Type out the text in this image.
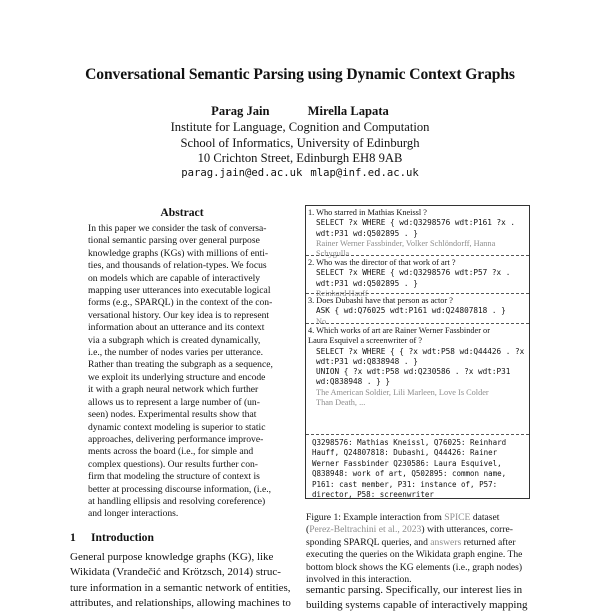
Conversational Semantic Parsing using Dynamic Context Graphs
Parag Jain	Mirella Lapata
Institute for Language, Cognition and Computation
School of Informatics, University of Edinburgh
10 Crichton Street, Edinburgh EH8 9AB
parag.jain@ed.ac.uk mlap@inf.ed.ac.uk
Abstract
In this paper we consider the task of conversa-
tional semantic parsing over general purpose
knowledge graphs (KGs) with millions of enti-
ties, and thousands of relation-types. We focus
on models which are capable of interactively
mapping user utterances into executable logical
forms (e.g., SPARQL) in the context of the con-
versational history. Our key idea is to represent
information about an utterance and its context
via a subgraph which is created dynamically,
i.e., the number of nodes varies per utterance.
Rather than treating the subgraph as a sequence,
we exploit its underlying structure and encode
it with a graph neural network which further
allows us to represent a large number of (un-
seen) nodes. Experimental results show that
dynamic context modeling is superior to static
approaches, delivering performance improve-
ments across the board (i.e., for simple and
complex questions). Our results further con-
firm that modeling the structure of context is
better at processing discourse information, (i.e.,
at handling ellipsis and resolving coreference)
and longer interactions.
1 Introduction
General purpose knowledge graphs (KG), like
Wikidata (Vrandečić and Krötzsch, 2014) struc-
ture information in a semantic network of entities,
attributes, and relationships, allowing machines to
1. Who starred in Mathias Kneissl ?
SELECT ?x WHERE { wd:Q3298576 wdt:P161 ?x .
wdt:P31 wd:Q502895 . }
Rainer Werner Fassbinder, Volker Schlöndorff, Hanna
Schygulla
2. Who was the director of that work of art ?
SELECT ?x WHERE { wd:Q3298576 wdt:P57 ?x .
wdt:P31 wd:Q502895 . }
Reinhard Hauff
3. Does Dubashi have that person as actor ?
ASK { wd:Q76025 wdt:P161 wd:Q24807818 . }
No
4. Which works of art are Rainer Werner Fassbinder or
Laura Esquivel a screenwriter of ?
SELECT ?x WHERE { { ?x wdt:P58 wd:Q44426 . ?x
wdt:P31 wd:Q838948 . }
UNION { ?x wdt:P58 wd:Q230586 . ?x wdt:P31
wd:Q838948 . } }
The American Soldier, Lili Marleen, Love Is Colder
Than Death, ...
Q3298576: Mathias Kneissl, Q76025: Reinhard
Hauff, Q24807818: Dubashi, Q44426: Rainer
Werner Fassbinder Q230586: Laura Esquivel,
Q838948: work of art, Q502895: common name,
P161: cast member, P31: instance of, P57:
director, P58: screenwriter
Figure 1: Example interaction from SPICE dataset
(Perez-Beltrachini et al., 2023) with utterances, corre-
sponding SPARQL queries, and answers returned after
executing the queries on the Wikidata graph engine. The
bottom block shows the KG elements (i.e., graph nodes)
involved in this interaction.
semantic parsing. Specifically, our interest lies in
building systems capable of interactively mapping
